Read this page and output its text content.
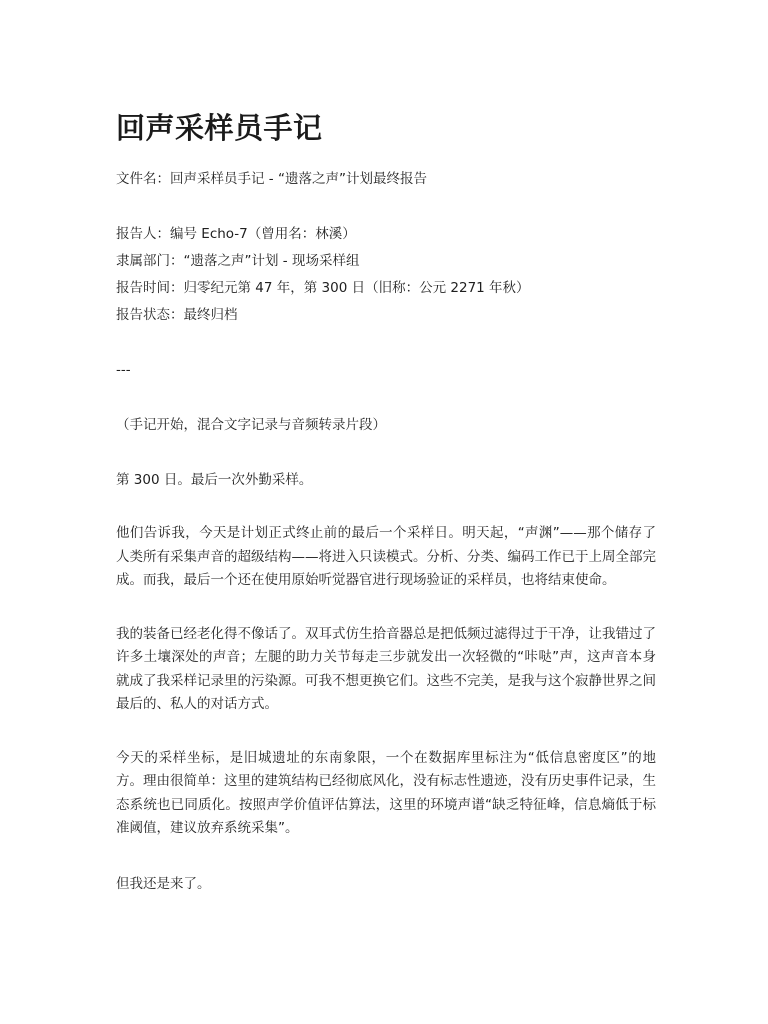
回声采样员手记

文件名：回声采样员手记 - “遗落之声”计划最终报告

报告人：编号 Echo-7（曾用名：林溪）

隶属部门：“遗落之声”计划 - 现场采样组

报告时间：归零纪元第 47 年，第 300 日（旧称：公元 2271 年秋）

报告状态：最终归档

---

（手记开始，混合文字记录与音频转录片段）

第 300 日。最后一次外勤采样。

他们告诉我，今天是计划正式终止前的最后一个采样日。明天起，“声渊”——那个储存了人类所有采集声音的超级结构——将进入只读模式。分析、分类、编码工作已于上周全部完成。而我，最后一个还在使用原始听觉器官进行现场验证的采样员，也将结束使命。

我的装备已经老化得不像话了。双耳式仿生拾音器总是把低频过滤得过于干净，让我错过了许多土壤深处的声音；左腿的助力关节每走三步就发出一次轻微的“咔哒”声，这声音本身就成了我采样记录里的污染源。可我不想更换它们。这些不完美，是我与这个寂静世界之间最后的、私人的对话方式。

今天的采样坐标，是旧城遗址的东南象限，一个在数据库里标注为“低信息密度区”的地方。理由很简单：这里的建筑结构已经彻底风化，没有标志性遗迹，没有历史事件记录，生态系统也已同质化。按照声学价值评估算法，这里的环境声谱“缺乏特征峰，信息熵低于标准阈值，建议放弃系统采集”。

但我还是来了。
